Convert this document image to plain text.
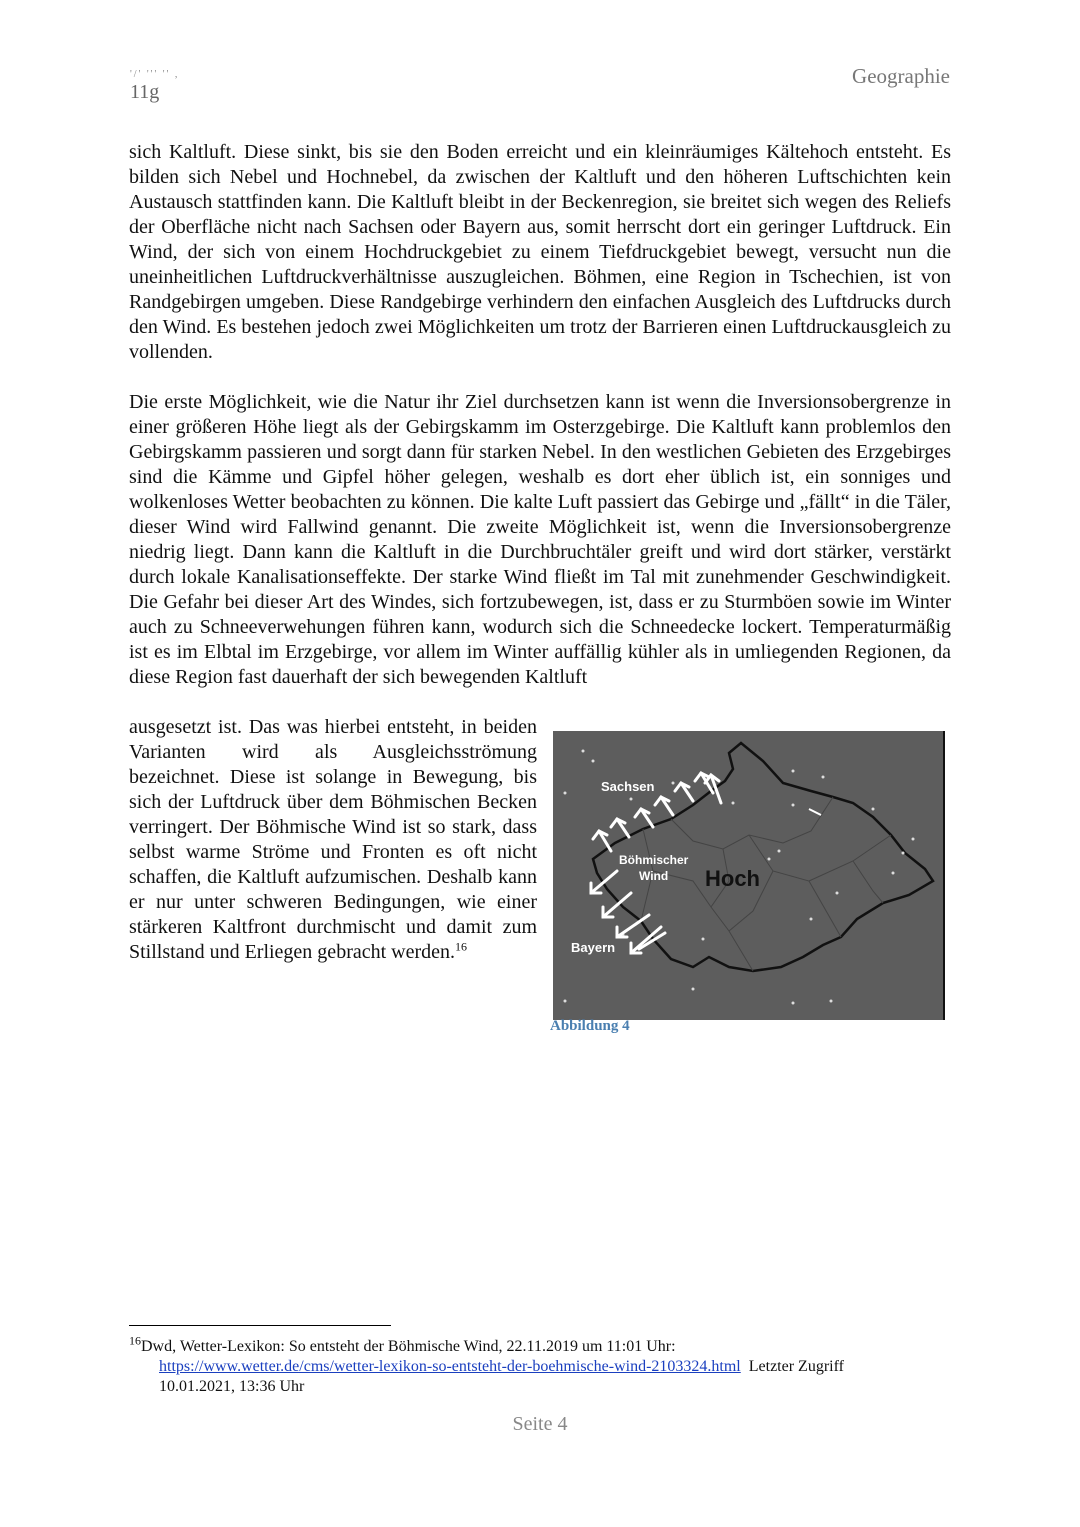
'/' ''' '' ,
11g
Geographie

sich Kaltluft. Diese sinkt, bis sie den Boden erreicht und ein kleinräumiges Kältehoch entsteht. Es bilden sich Nebel und Hochnebel, da zwischen der Kaltluft und den höheren Luftschichten kein Austausch stattfinden kann. Die Kaltluft bleibt in der Beckenregion, sie breitet sich wegen des Reliefs der Oberfläche nicht nach Sachsen oder Bayern aus, somit herrscht dort ein geringer Luftdruck. Ein Wind, der sich von einem Hochdruckgebiet zu einem Tiefdruckgebiet bewegt, versucht nun die uneinheitlichen Luftdruckverhältnisse auszugleichen. Böhmen, eine Region in Tschechien, ist von Randgebirgen umgeben. Diese Randgebirge verhindern den einfachen Ausgleich des Luftdrucks durch den Wind. Es bestehen jedoch zwei Möglichkeiten um trotz der Barrieren einen Luftdruckausgleich zu vollenden.

Die erste Möglichkeit, wie die Natur ihr Ziel durchsetzen kann ist wenn die Inversionsobergrenze in einer größeren Höhe liegt als der Gebirgskamm im Osterzgebirge. Die Kaltluft kann problemlos den Gebirgskamm passieren und sorgt dann für starken Nebel. In den westlichen Gebieten des Erzgebirges sind die Kämme und Gipfel höher gelegen, weshalb es dort eher üblich ist, ein sonniges und wolkenloses Wetter beobachten zu können. Die kalte Luft passiert das Gebirge und „fällt“ in die Täler, dieser Wind wird Fallwind genannt. Die zweite Möglichkeit ist, wenn die Inversionsobergrenze niedrig liegt. Dann kann die Kaltluft in die Durchbruchtäler greift und wird dort stärker, verstärkt durch lokale Kanalisationseffekte. Der starke Wind fließt im Tal mit zunehmender Geschwindigkeit. Die Gefahr bei dieser Art des Windes, sich fortzubewegen, ist, dass er zu Sturmböen sowie im Winter auch zu Schneeverwehungen führen kann, wodurch sich die Schneedecke lockert. Temperaturmäßig ist es im Elbtal im Erzgebirge, vor allem im Winter auffällig kühler als in umliegenden Regionen, da diese Region fast dauerhaft der sich bewegenden Kaltluft

ausgesetzt ist. Das was hierbei entsteht, in beiden Varianten wird als Ausgleichsströmung bezeichnet. Diese ist solange in Bewegung, bis sich der Luftdruck über dem Böhmischen Becken verringert. Der Böhmische Wind ist so stark, dass selbst warme Ströme und Fronten es oft nicht schaffen, die Kaltluft aufzumischen. Deshalb kann er nur unter schweren Bedingungen, wie einer stärkeren Kaltfront durchmischt und damit zum Stillstand und Erliegen gebracht werden.$^{16}$

Sachsen
Böhmischer
Wind Hoch
Bayern
Abbildung 4
$^{16}$Dwd, Wetter-Lexikon: So entsteht der Böhmische Wind, 22.11.2019 um 11:01 Uhr:
https://www.wetter.de/cms/wetter-lexikon-so-entsteht-der-boehmische-wind-2103324.html Letzter Zugriff
10.01.2021, 13:36 Uhr
Seite 4
